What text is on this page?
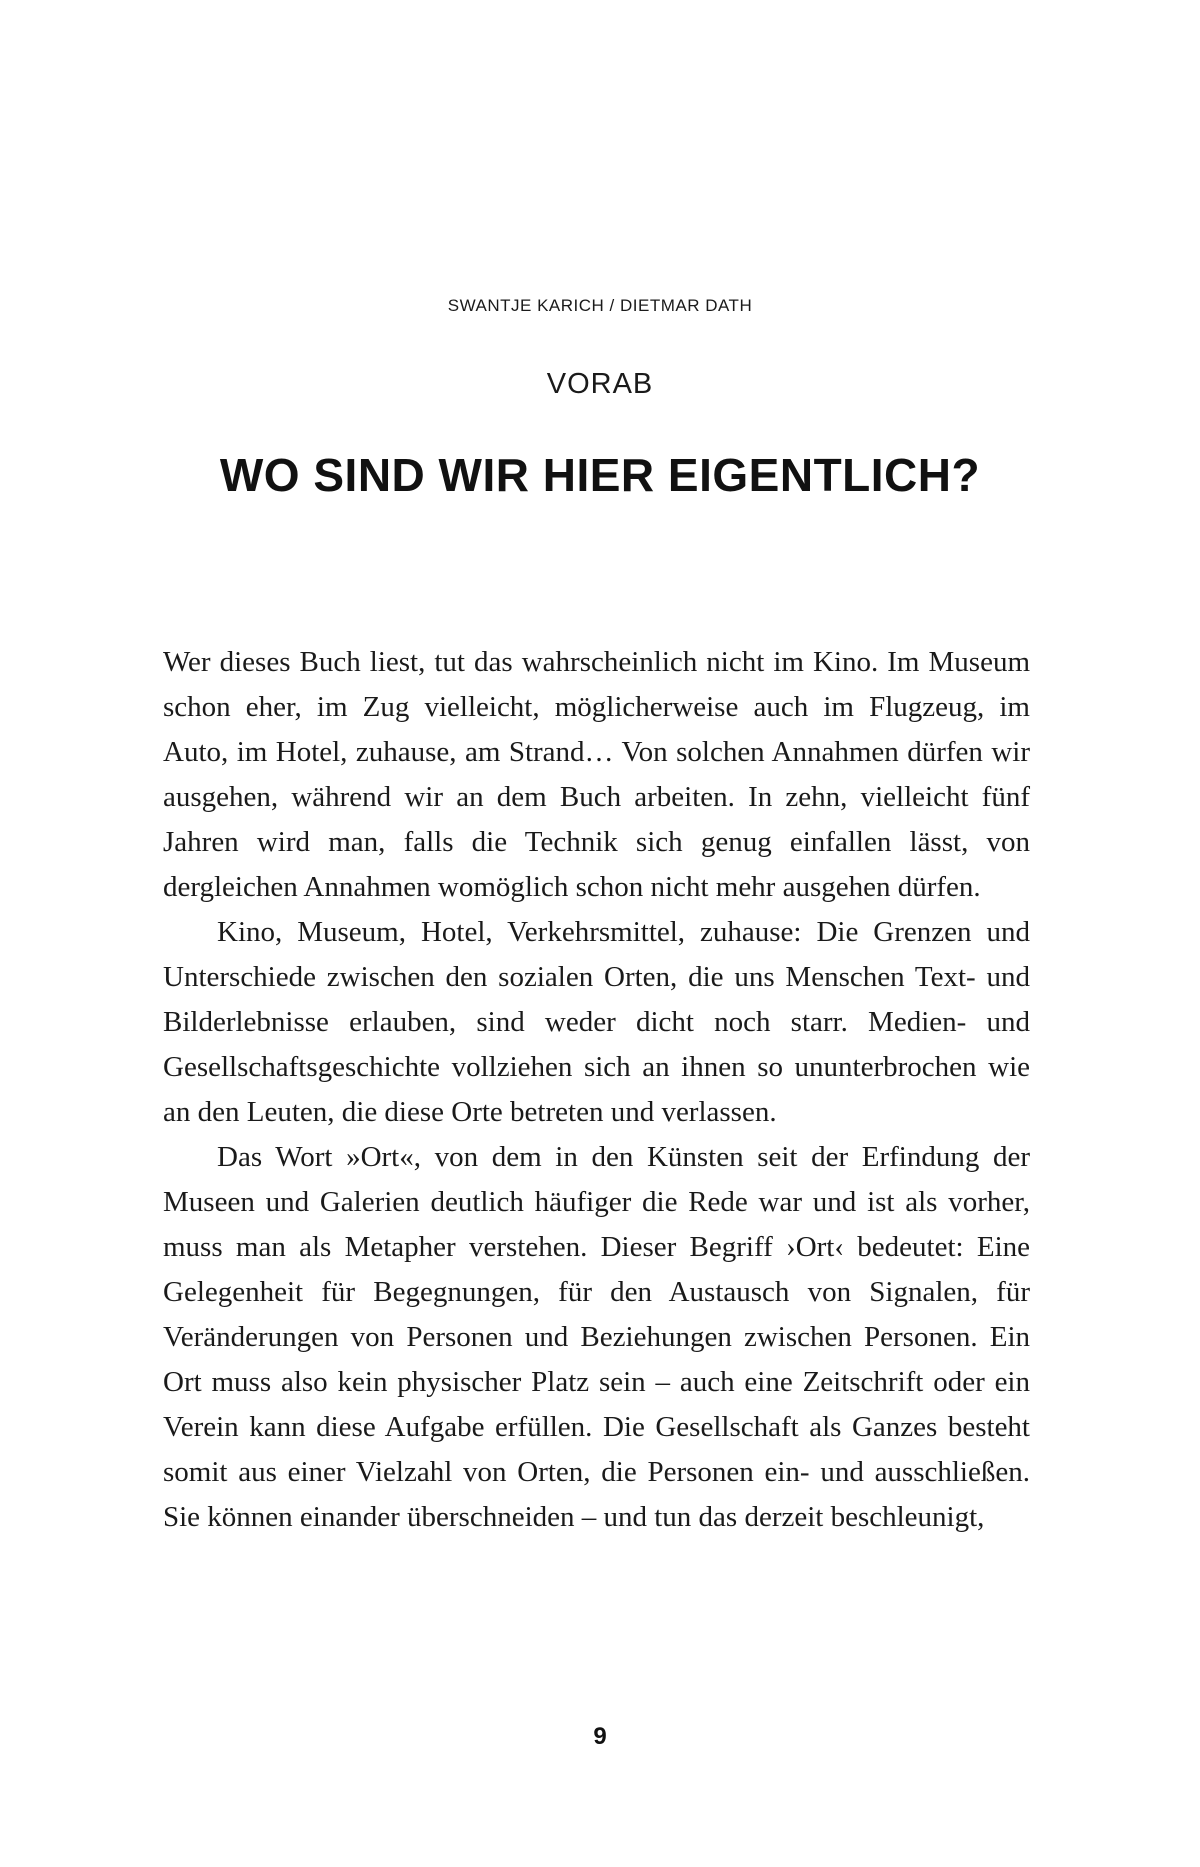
SWANTJE KARICH / DIETMAR DATH
VORAB
WO SIND WIR HIER EIGENTLICH?

Wer dieses Buch liest, tut das wahrscheinlich nicht im Kino. Im Museum schon eher, im Zug vielleicht, möglicherweise auch im Flugzeug, im Auto, im Hotel, zuhause, am Strand… Von solchen Annahmen dürfen wir ausgehen, während wir an dem Buch arbeiten. In zehn, vielleicht fünf Jahren wird man, falls die Technik sich genug einfallen lässt, von dergleichen Annahmen womöglich schon nicht mehr ausgehen dürfen.

Kino, Museum, Hotel, Verkehrsmittel, zuhause: Die Grenzen und Unterschiede zwischen den sozialen Orten, die uns Menschen Text- und Bilderlebnisse erlauben, sind weder dicht noch starr. Medien- und Gesellschaftsgeschichte vollziehen sich an ihnen so ununterbrochen wie an den Leuten, die diese Orte betreten und verlassen.

Das Wort »Ort«, von dem in den Künsten seit der Erfindung der Museen und Galerien deutlich häufiger die Rede war und ist als vorher, muss man als Metapher verstehen. Dieser Begriff ›Ort‹ bedeutet: Eine Gelegenheit für Begegnungen, für den Austausch von Signalen, für Veränderungen von Personen und Beziehungen zwischen Personen. Ein Ort muss also kein physischer Platz sein – auch eine Zeitschrift oder ein Verein kann diese Aufgabe erfüllen. Die Gesellschaft als Ganzes besteht somit aus einer Vielzahl von Orten, die Personen ein- und ausschließen. Sie können einander überschneiden – und tun das derzeit beschleunigt,

9
